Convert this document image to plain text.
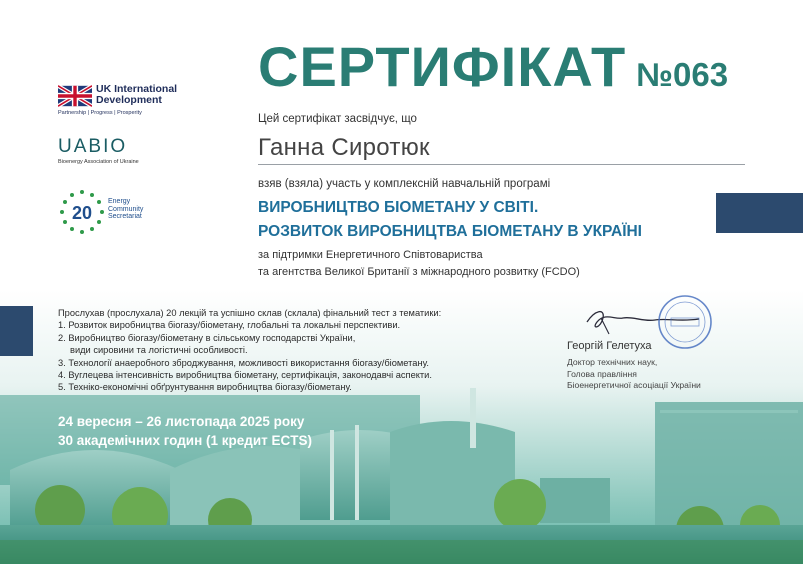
UK International
Development
Partnership | Progress | Prosperity
UABIO
Bioenergy Association of Ukraine
20
Energy
Community
Secretariat
СЕРТИФІКАТ №063
Цей сертифікат засвідчує, що
Ганна Сиротюк
взяв (взяла) участь у комплексній навчальній програмі
ВИРОБНИЦТВО БІОМЕТАНУ У СВІТІ.
РОЗВИТОК ВИРОБНИЦТВА БІОМЕТАНУ В УКРАЇНІ
за підтримки Енергетичного Співтовариства
та агентства Великої Британії з міжнародного розвитку (FCDO)
Прослухав (прослухала) 20 лекцій та успішно склав (склала) фінальний тест з тематики:
1. Розвиток виробництва біогазу/біометану, глобальні та локальні перспективи.
2. Виробництво біогазу/біометану в сільському господарстві України,
види сировини та логістичні особливості.
3. Технології анаеробного зброджування, можливості використання біогазу/біометану.
4. Вуглецева інтенсивність виробництва біометану, сертифікація, законодавчі аспекти.
5. Техніко-економічні обґрунтування виробництва біогазу/біометану.
24 вересня – 26 листопада 2025 року
30 академічних годин (1 кредит ECTS)
Георгій Гелетуха
Доктор технічних наук,
Голова правління
Біоенергетичної асоціації України
